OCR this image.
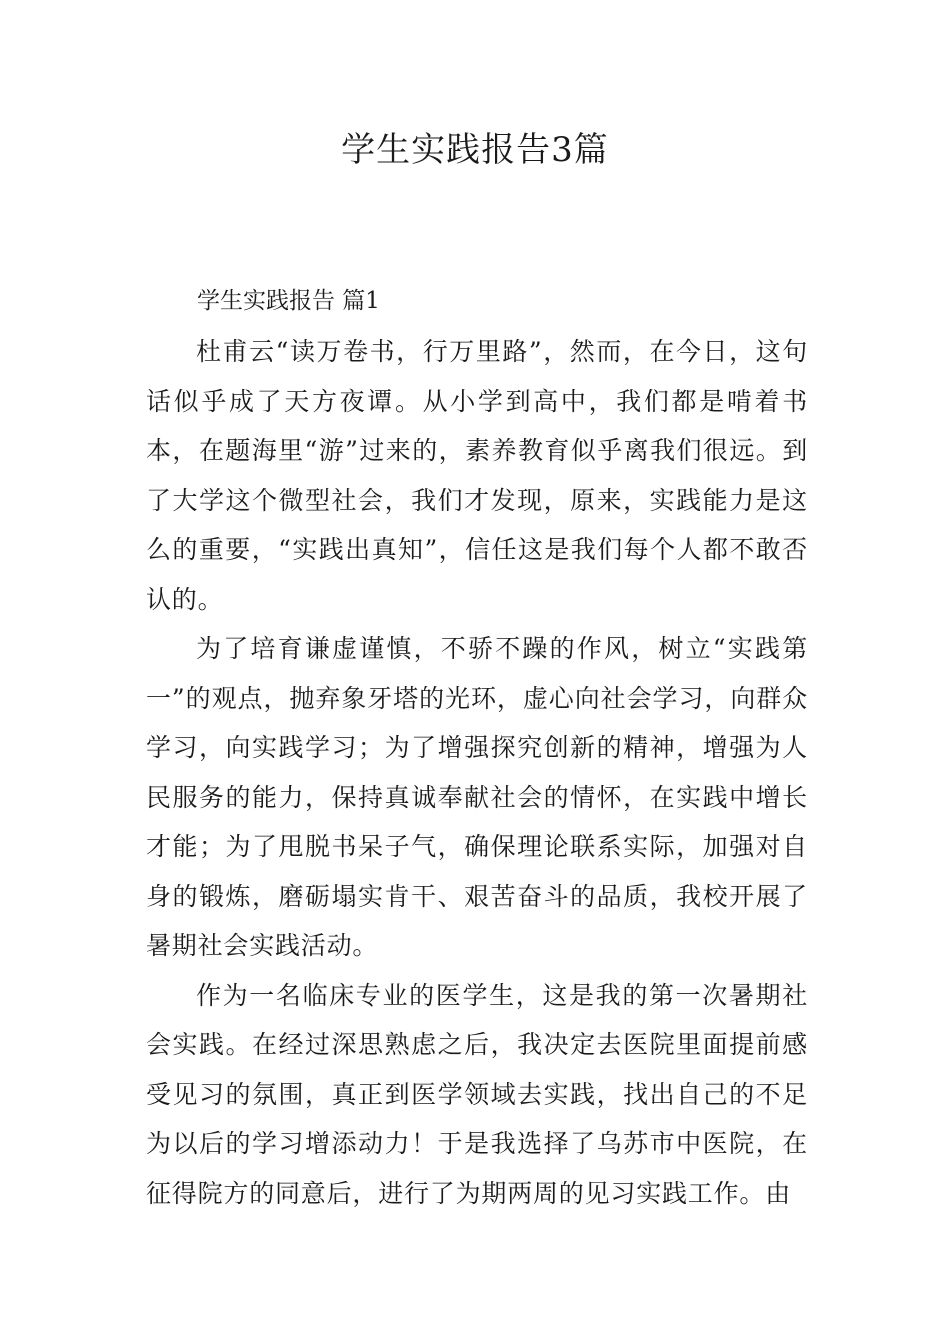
学生实践报告3篇
学生实践报告 篇1

杜甫云“读万卷书，行万里路”，然而，在今日，这句话似乎成了天方夜谭。从小学到高中，我们都是啃着书本，在题海里“游”过来的，素养教育似乎离我们很远。到了大学这个微型社会，我们才发现，原来，实践能力是这么的重要，“实践出真知”，信任这是我们每个人都不敢否认的。

为了培育谦虚谨慎，不骄不躁的作风，树立“实践第一”的观点，抛弃象牙塔的光环，虚心向社会学习，向群众学习，向实践学习；为了增强探究创新的精神，增强为人民服务的能力，保持真诚奉献社会的情怀，在实践中增长才能；为了甩脱书呆子气，确保理论联系实际，加强对自身的锻炼，磨砺塌实肯干、艰苦奋斗的品质，我校开展了暑期社会实践活动。

作为一名临床专业的医学生，这是我的第一次暑期社会实践。在经过深思熟虑之后，我决定去医院里面提前感受见习的氛围，真正到医学领域去实践，找出自己的不足为以后的学习增添动力！于是我选择了乌苏市中医院，在征得院方的同意后，进行了为期两周的见习实践工作。由
